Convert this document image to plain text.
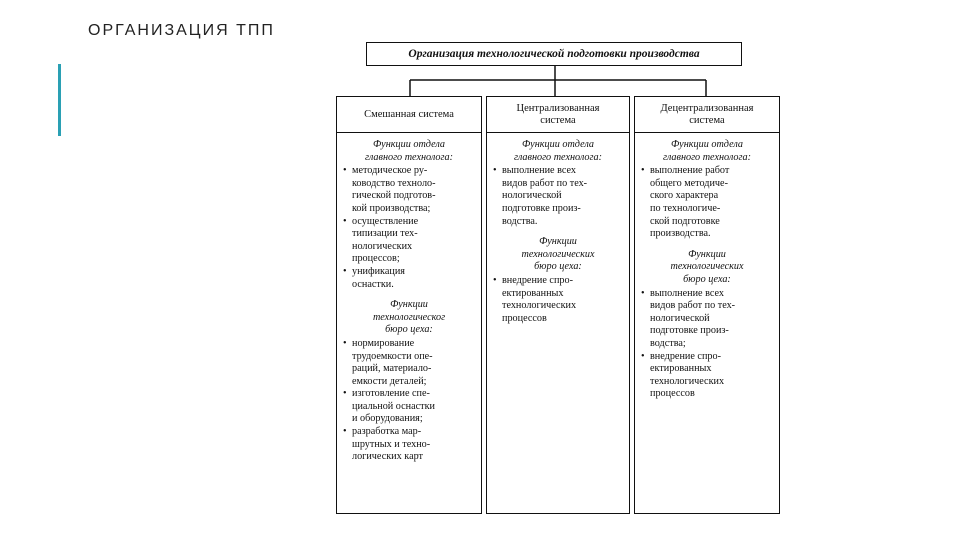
ОРГАНИЗАЦИЯ ТПП
Организация технологической подготовки производства
Смешанная система
Функции отдела
главного технолога:
• методическое ру-
ководство техноло-
гической подготов-
кой производства;
• осуществление
типизации тех-
нологических
процессов;
• унификация
оснастки.
Функции
технологическог
бюро цеха:
• нормирование
трудоемкости опе-
раций, материало-
емкости деталей;
• изготовление спе-
циальной оснастки
и оборудования;
• разработка мар-
шрутных и техно-
логических карт
Централизованная
система
Функции отдела
главного технолога:
• выполнение всех
видов работ по тех-
нологической
подготовке произ-
водства.
Функции
технологических
бюро цеха:
• внедрение спро-
ектированных
технологических
процессов
Децентрализованная
система
Функции отдела
главного технолога:
• выполнение работ
общего методиче-
ского характера
по технологиче-
ской подготовке
производства.
Функции
технологических
бюро цеха:
• выполнение всех
видов работ по тех-
нологической
подготовке произ-
водства;
• внедрение спро-
ектированных
технологических
процессов
